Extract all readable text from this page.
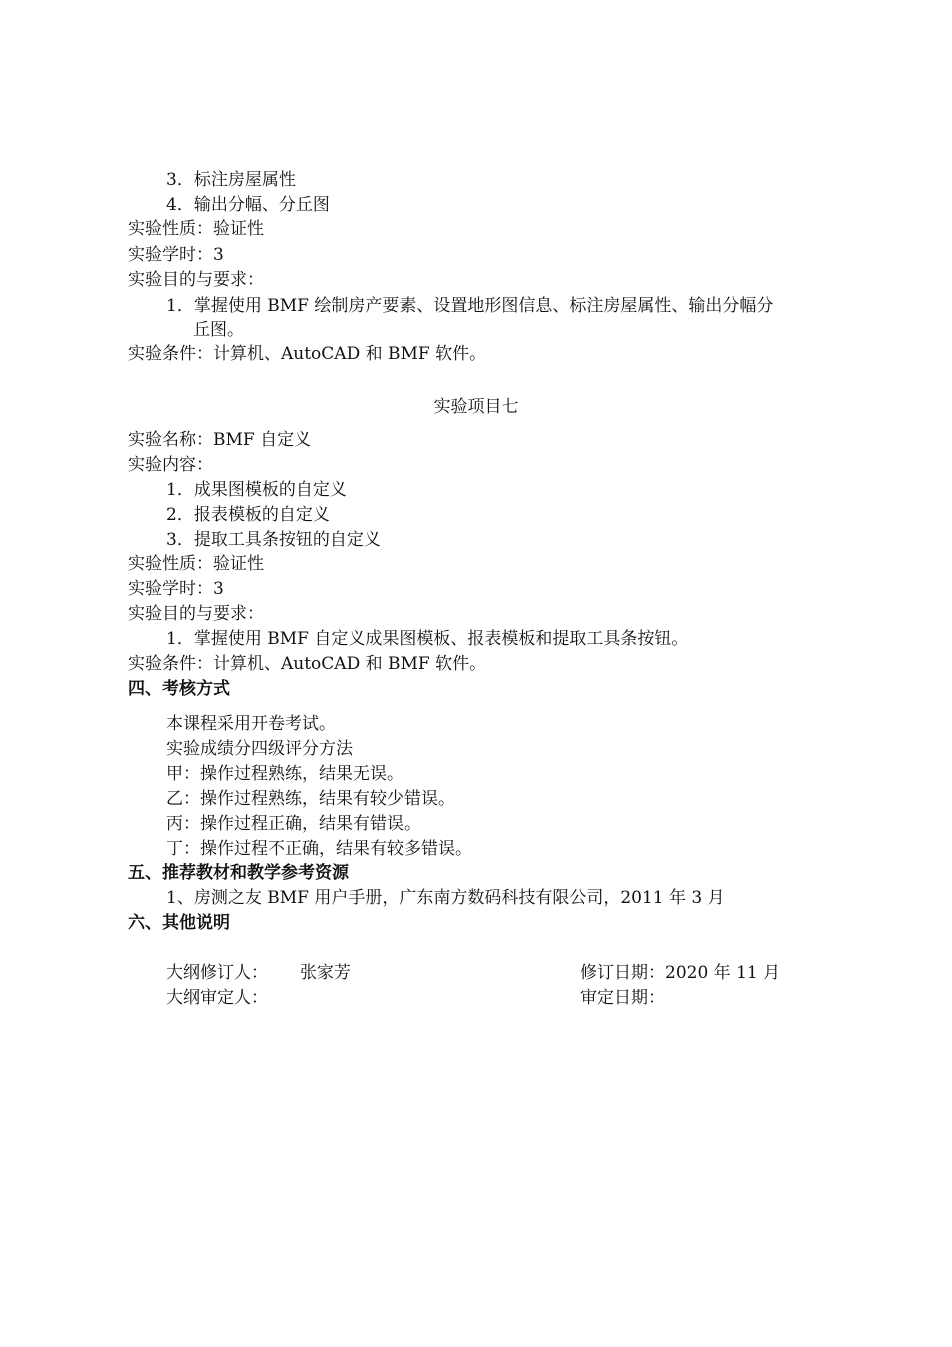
3．标注房屋属性
4．输出分幅、分丘图
实验性质：验证性
实验学时：3
实验目的与要求：
1．掌握使用 BMF 绘制房产要素、设置地形图信息、标注房屋属性、输出分幅分
丘图。
实验条件：计算机、AutoCAD 和 BMF 软件。
实验项目七
实验名称：BMF 自定义
实验内容：
1．成果图模板的自定义
2．报表模板的自定义
3．提取工具条按钮的自定义
实验性质：验证性
实验学时：3
实验目的与要求：
1．掌握使用 BMF 自定义成果图模板、报表模板和提取工具条按钮。
实验条件：计算机、AutoCAD 和 BMF 软件。
四、考核方式
本课程采用开卷考试。
实验成绩分四级评分方法
甲：操作过程熟练，结果无误。
乙：操作过程熟练，结果有较少错误。
丙：操作过程正确，结果有错误。
丁：操作过程不正确，结果有较多错误。
五、推荐教材和教学参考资源
1、房测之友 BMF 用户手册，广东南方数码科技有限公司，2011 年 3 月
六、其他说明
大纲修订人： 张家芳	修订日期：2020 年 11 月
大纲审定人：	审定日期：
